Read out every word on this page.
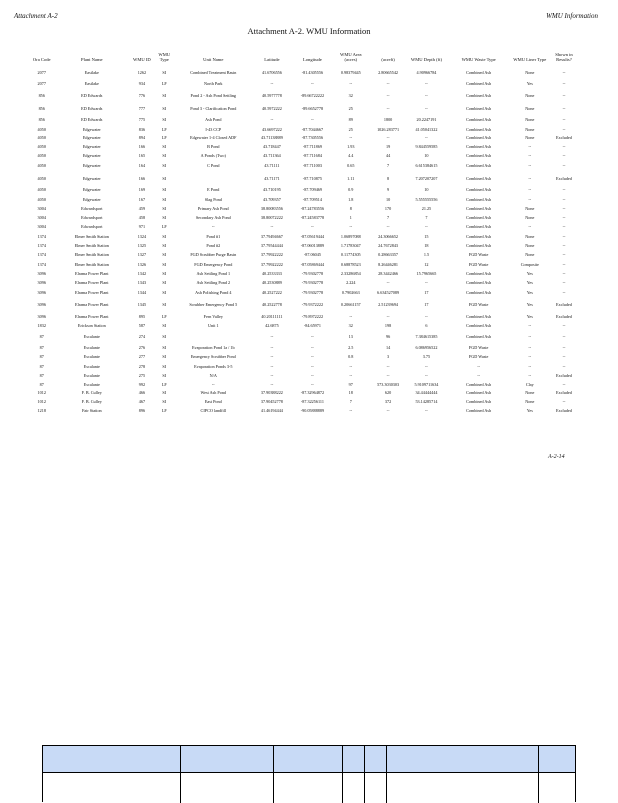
Attachment A-2	WMU Information
Attachment A-2. WMU Information
Ora Code	Plant Name	WMU ID	WMU Type	Unit Name	Latitude	Longitude	WMU Area (acres)	(acreft)	WMU Depth (ft)	WMU Waste Type	WMU Liner Type	Shown in Results?
2077	Eastlake	1262	SI	Combined Treatment Basin	41.6706556	-81.4305556	0.98379445	2.80665542	4.90966784	Combined Ash	None	--
2077	Eastlake	934	LF	North Park	--	--	--	--	--	Combined Ash	Yes	--
856	ED Edwards	776	SI	Pond 2 - Ash Pond Settling	40.5977778	-89.66722222	32	--	--	Combined Ash	None	--
856	ED Edwards	777	SI	Pond 3 - Clarification Pond	40.5972222	-89.6652778	25	--	--	Combined Ash	None	--
856	ED Edwards	775	SI	Ash Pond	--	--	89	1800	20.2247191	Combined Ash	None	--
4050	Edgewater	836	LF	I-43 CCP	43.6697222	-87.7044667	25	1026.283771	41.05041322	Combined Ash	None	--
4050	Edgewater	894	LF	Edgewater 1-4 Closed ADF	43.71138889	-87.7305556	--	--	--	Combined Ash	None	Excluded
4050	Edgewater	166	SI	B Pond	43.718447	-87.711869	1.93	19	9.844559585	Combined Ash	--	--
4050	Edgewater	165	SI	A Ponds (Two)	43.711364	-87.711684	4.4	44	10	Combined Ash	--	--
4050	Edgewater	164	SI	C Pond	43.71111	-87.711003	0.65	7	6.615384615	Combined Ash	--	--
4050	Edgewater	166	SI		43.71171	-87.710875	1.11	8	7.207207207	Combined Ash	--	Excluded
4050	Edgewater	169	SI	E Pond	43.710195	-87.709469	0.9	9	10	Combined Ash	--	--
4050	Edgewater	167	SI	Slag Pond	43.709357	-87.709514	1.8	10	5.555555556	Combined Ash	--	--
3004	Edwardsport	459	SI	Primary Ash Pond	38.80083556	-87.24783556	8	170	21.25	Combined Ash	None	--
3004	Edwardsport	458	SI	Secondary Ash Pond	38.80072222	-87.24583778	1	7	7	Combined Ash	None	--
3004	Edwardsport	971	LF	--	--	--	--	--	--	Combined Ash	--	--
1374	Elmer Smith Station	1324	SI	Pond #1	37.79494667	-87.05619444	1.06897088	24.3066652	15	Combined Ash	None	--
1374	Elmer Smith Station	1325	SI	Pond #2	37.79544444	-87.06013889	1.71783047	24.7672843	18	Combined Ash	None	--
1374	Elmer Smith Station	1327	SI	FGD Scrubber Purge Basin	37.79922222	-87.06045	0.11774305	0.28663357	1.5	FGD Waste	None	--
1374	Elmer Smith Station	1326	SI	FGD Emergency Pond	37.79922222	-87.05869444	0.68878523	8.26446281	12	FGD Waste	Composite	--
3096	Elrama Power Plant	1342	SI	Ash Settling Pond 1	40.2533333	-79.9302778	2.33286854	28.3442466	15.7965665	Combined Ash	Yes	--
3096	Elrama Power Plant	1343	SI	Ash Settling Pond 2	40.2530889	-79.9302778	2.224	--	--	Combined Ash	Yes	--
3096	Elrama Power Plant	1344	SI	Ash Polishing Pond 4	40.2527222	-79.9302778	0.7902663	6.634527089	17	Combined Ash	Yes	--
3096	Elrama Power Plant	1345	SI	Scrubber Emergency Pond 5	40.2522778	-79.9372222	0.20661157	2.51239694	17	FGD Waste	Yes	Excluded
3096	Elrama Power Plant	895	LF	Fern Valley	40.20111111	-79.8972222	--	--	--	Combined Ash	Yes	Excluded
1832	Erickson Station	587	SI	Unit 1	42.6875	-84.65971	32	198	6	Combined Ash	--	--
87	Escalante	274	SI		--	--	13	96	7.384615385	Combined Ash	--	--
87	Escalante	276	SI	Evaporation Pond 1a / 1b	--	--	2.5	14	6.086956522	FGD Waste	--	--
87	Escalante	277	SI	Emergency Scrubber Pond	--	--	0.8	3	3.75	FGD Waste	--	--
87	Escalante	278	SI	Evaporation Ponds 3-5	--	--	--	--	--	--	--	--
87	Escalante	275	SI	N/A	--	--	--	--	--	--	--	Excluded
87	Escalante	992	LF	--	--	--	97	573.3030303	5.9109711634	Combined Ash	Clay	--
1012	F. B. Culley	466	SI	West Ash Pond	37.90388222	-87.32964872	18	620	34.44444444	Combined Ash	None	Excluded
1012	F. B. Culley	467	SI	East Pond	37.90452778	-87.32256111	7	372	53.14285714	Combined Ash	None	--
1218	Fair Station	896	LF	CIPCO landfill	41.46194444	-90.05888889	--	--	--	Combined Ash	Yes	Excluded
A-2-14
